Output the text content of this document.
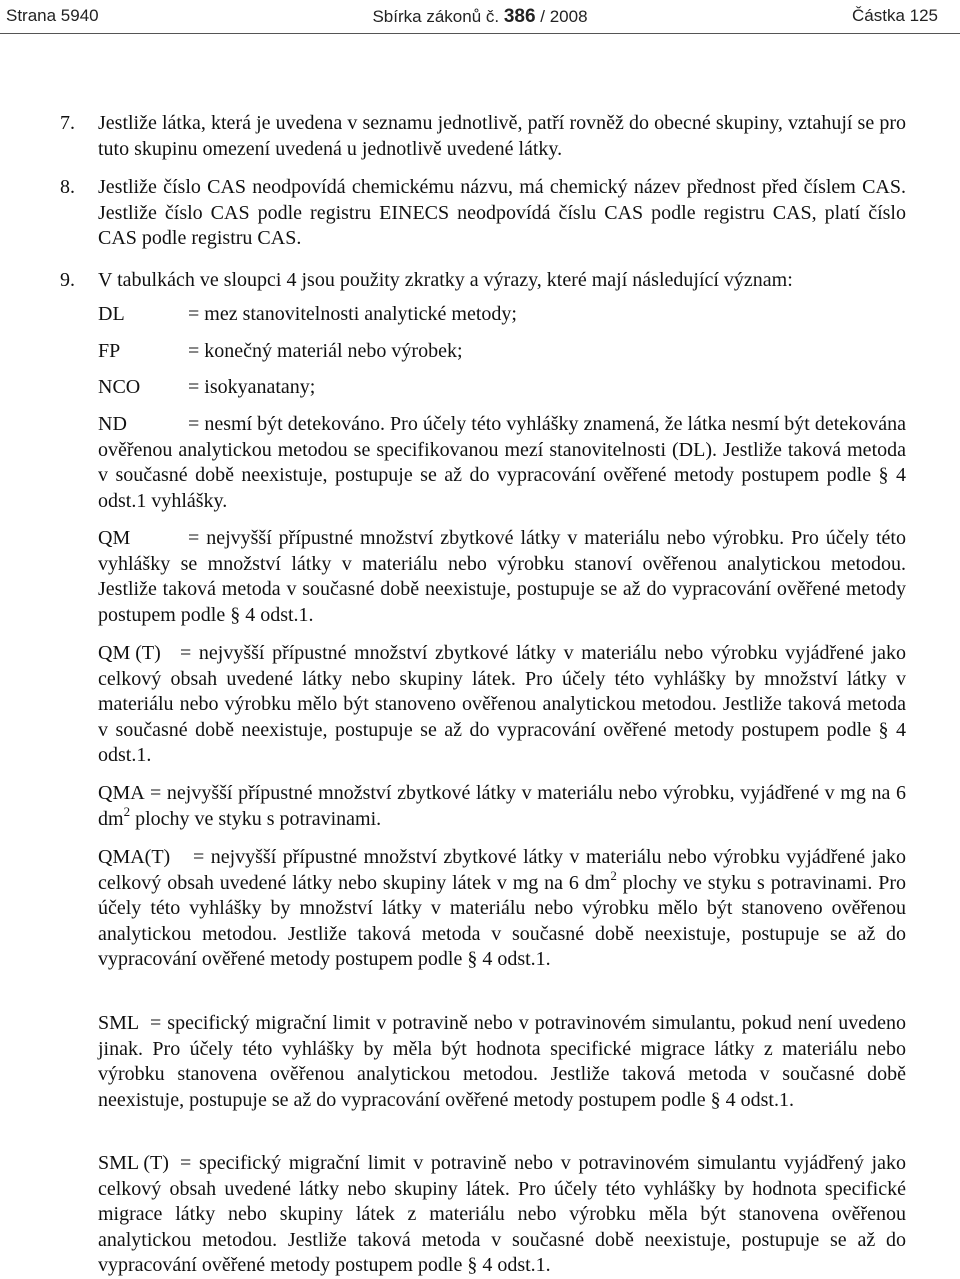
Strana 5940	Sbírka zákonů č. 386 / 2008	Částka 125
7. Jestliže látka, která je uvedena v seznamu jednotlivě, patří rovněž do obecné skupiny, vztahují se pro tuto skupinu omezení uvedená u jednotlivě uvedené látky.
8. Jestliže číslo CAS neodpovídá chemickému názvu, má chemický název přednost před číslem CAS. Jestliže číslo CAS podle registru EINECS neodpovídá číslu CAS podle registru CAS, platí číslo CAS podle registru CAS.
9. V tabulkách ve sloupci 4 jsou použity zkratky a výrazy, které mají následující význam:
DL	= mez stanovitelnosti analytické metody;
FP	= konečný materiál nebo výrobek;
NCO = isokyanatany;
ND	= nesmí být detekováno. Pro účely této vyhlášky znamená, že látka nesmí být detekována ověřenou analytickou metodou se specifikovanou mezí stanovitelnosti (DL). Jestliže taková metoda v současné době neexistuje, postupuje se až do vypracování ověřené metody postupem podle § 4 odst.1 vyhlášky.
QM	= nejvyšší přípustné množství zbytkové látky v materiálu nebo výrobku. Pro účely této vyhlášky se množství látky v materiálu nebo výrobku stanoví ověřenou analytickou metodou. Jestliže taková metoda v současné době neexistuje, postupuje se až do vypracování ověřené metody postupem podle § 4 odst.1.
QM (T) = nejvyšší přípustné množství zbytkové látky v materiálu nebo výrobku vyjádřené jako celkový obsah uvedené látky nebo skupiny látek. Pro účely této vyhlášky by množství látky v materiálu nebo výrobku mělo být stanoveno ověřenou analytickou metodou. Jestliže taková metoda v současné době neexistuje, postupuje se až do vypracování ověřené metody postupem podle § 4 odst.1.
QMA = nejvyšší přípustné množství zbytkové látky v materiálu nebo výrobku, vyjádřené v mg na 6 $dm^2$ plochy ve styku s potravinami.
QMA(T) = nejvyšší přípustné množství zbytkové látky v materiálu nebo výrobku vyjádřené jako celkový obsah uvedené látky nebo skupiny látek v mg na 6 $dm^2$ plochy ve styku s potravinami. Pro účely této vyhlášky by množství látky v materiálu nebo výrobku mělo být stanoveno ověřenou analytickou metodou. Jestliže taková metoda v současné době neexistuje, postupuje se až do vypracování ověřené metody postupem podle § 4 odst.1.
SML = specifický migrační limit v potravině nebo v potravinovém simulantu, pokud není uvedeno jinak. Pro účely této vyhlášky by měla být hodnota specifické migrace látky z materiálu nebo výrobku stanovena ověřenou analytickou metodou. Jestliže taková metoda v současné době neexistuje, postupuje se až do vypracování ověřené metody postupem podle § 4 odst.1.
SML (T) = specifický migrační limit v potravině nebo v potravinovém simulantu vyjádřený jako celkový obsah uvedené látky nebo skupiny látek. Pro účely této vyhlášky by hodnota specifické migrace látky nebo skupiny látek z materiálu nebo výrobku měla být stanovena ověřenou analytickou metodou. Jestliže taková metoda v současné době neexistuje, postupuje se až do vypracování ověřené metody postupem podle § 4 odst.1.
